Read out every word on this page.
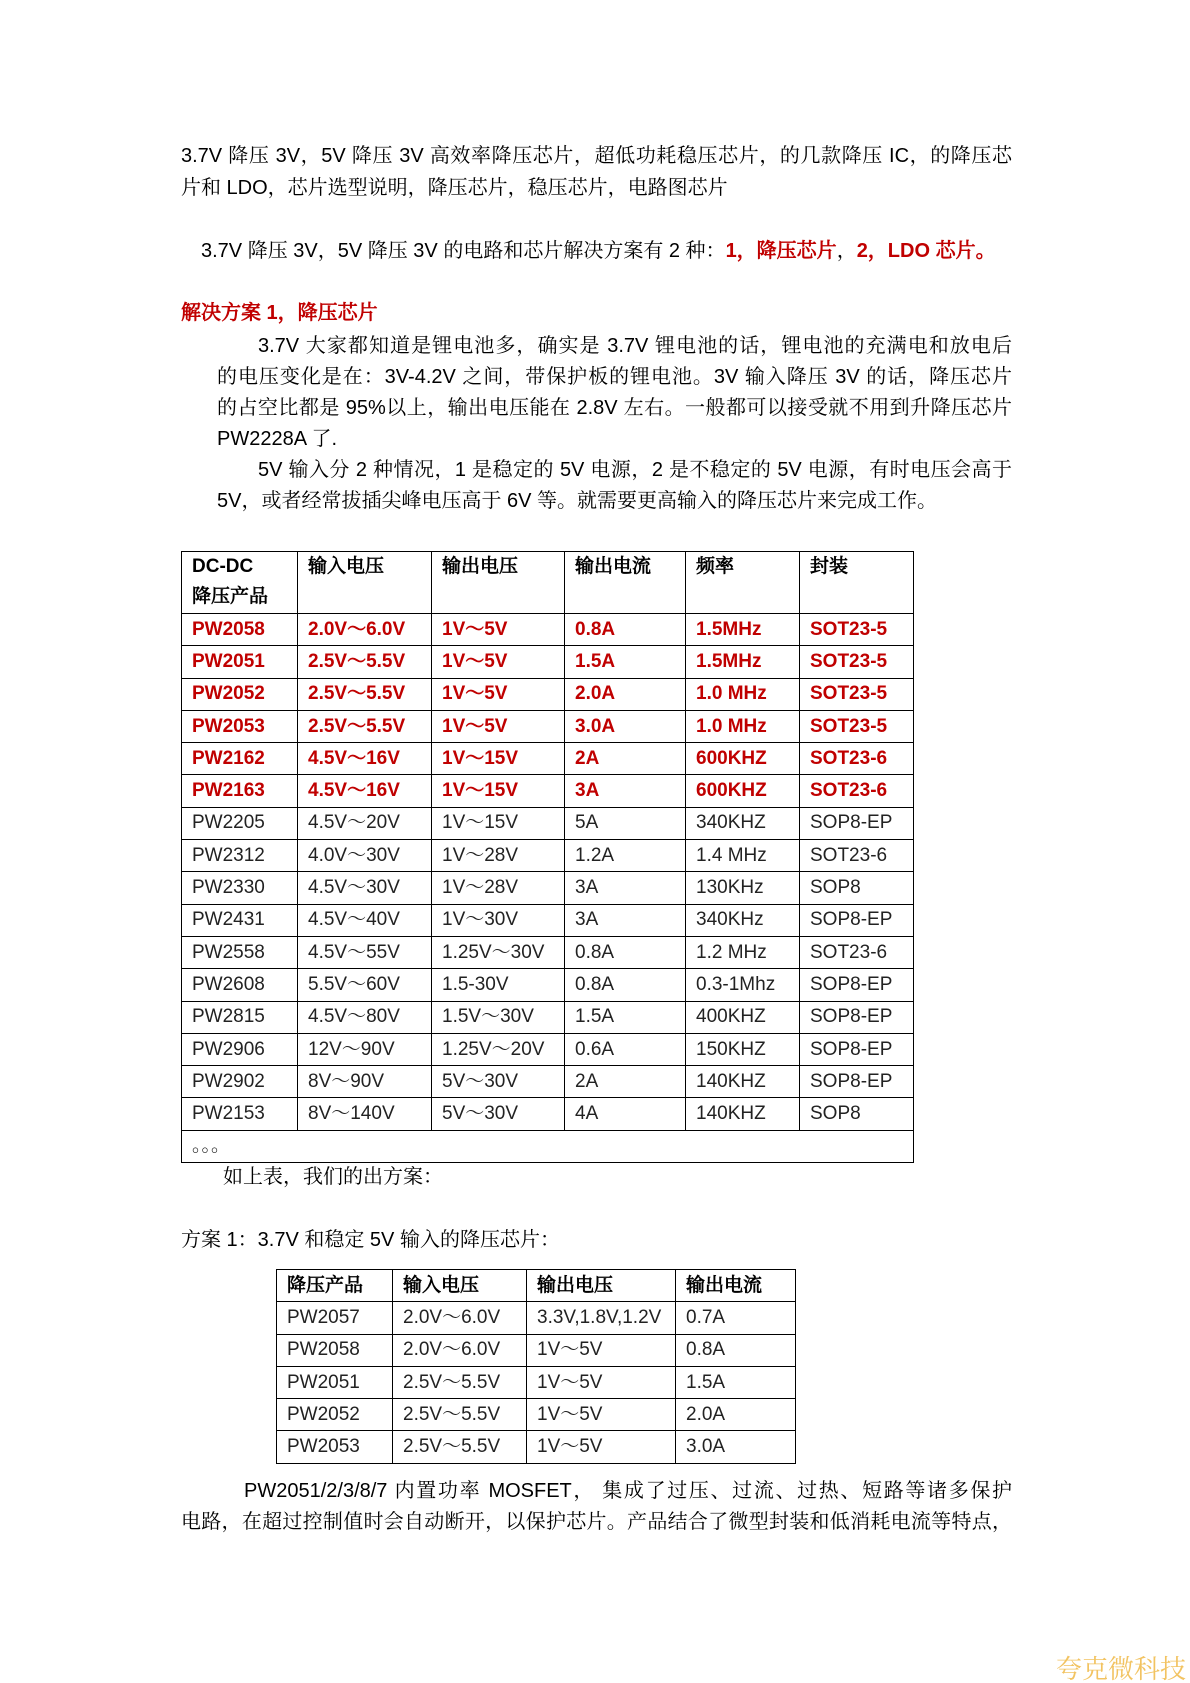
3.7V 降压 3V，5V 降压 3V 高效率降压芯片，超低功耗稳压芯片，的几款降压 IC，的降压芯
片和 LDO，芯片选型说明，降压芯片，稳压芯片，电路图芯片
3.7V 降压 3V，5V 降压 3V 的电路和芯片解决方案有 2 种：1，降压芯片，2，LDO 芯片。
解决方案 1，降压芯片
3.7V 大家都知道是锂电池多，确实是 3.7V 锂电池的话，锂电池的充满电和放电后
的电压变化是在：3V-4.2V 之间，带保护板的锂电池。3V 输入降压 3V 的话，降压芯片
的占空比都是 95%以上，输出电压能在 2.8V 左右。一般都可以接受就不用到升降压芯片
PW2228A 了.
5V 输入分 2 种情况，1 是稳定的 5V 电源，2 是不稳定的 5V 电源，有时电压会高于
5V，或者经常拔插尖峰电压高于 6V 等。就需要更高输入的降压芯片来完成工作。
DC-DC
降压产品	输入电压	输出电压	输出电流	频率	封装

PW2058	2.0V～6.0V	1V～5V	0.8A	1.5MHz	SOT23-5
PW2051	2.5V～5.5V	1V～5V	1.5A	1.5MHz	SOT23-5
PW2052	2.5V～5.5V	1V～5V	2.0A	1.0 MHz	SOT23-5
PW2053	2.5V～5.5V	1V～5V	3.0A	1.0 MHz	SOT23-5
PW2162	4.5V～16V	1V～15V	2A	600KHZ	SOT23-6
PW2163	4.5V～16V	1V～15V	3A	600KHZ	SOT23-6
PW2205	4.5V～20V	1V～15V	5A	340KHZ	SOP8-EP
PW2312	4.0V～30V	1V～28V	1.2A	1.4 MHz	SOT23-6
PW2330	4.5V～30V	1V～28V	3A	130KHz	SOP8
PW2431	4.5V～40V	1V～30V	3A	340KHz	SOP8-EP
PW2558	4.5V～55V	1.25V～30V	0.8A	1.2 MHz	SOT23-6
PW2608	5.5V～60V	1.5-30V	0.8A	0.3-1Mhz	SOP8-EP
PW2815	4.5V～80V	1.5V～30V	1.5A	400KHZ	SOP8-EP
PW2906	12V～90V	1.25V～20V	0.6A	150KHZ	SOP8-EP
PW2902	8V～90V	5V～30V	2A	140KHZ	SOP8-EP
PW2153	8V～140V	5V～30V	4A	140KHZ	SOP8
。。。					
如上表，我们的出方案：
方案 1：3.7V 和稳定 5V 输入的降压芯片：
降压产品	输入电压	输出电压	输出电流
PW2057	2.0V～6.0V	3.3V,1.8V,1.2V	0.7A
PW2058	2.0V～6.0V	1V～5V	0.8A
PW2051	2.5V～5.5V	1V～5V	1.5A
PW2052	2.5V～5.5V	1V～5V	2.0A
PW2053	2.5V～5.5V	1V～5V	3.0A
PW2051/2/3/8/7 内置功率 MOSFET， 集成了过压、过流、过热、短路等诸多保护
电路，在超过控制值时会自动断开，以保护芯片。产品结合了微型封装和低消耗电流等特点，
夸克微科技
